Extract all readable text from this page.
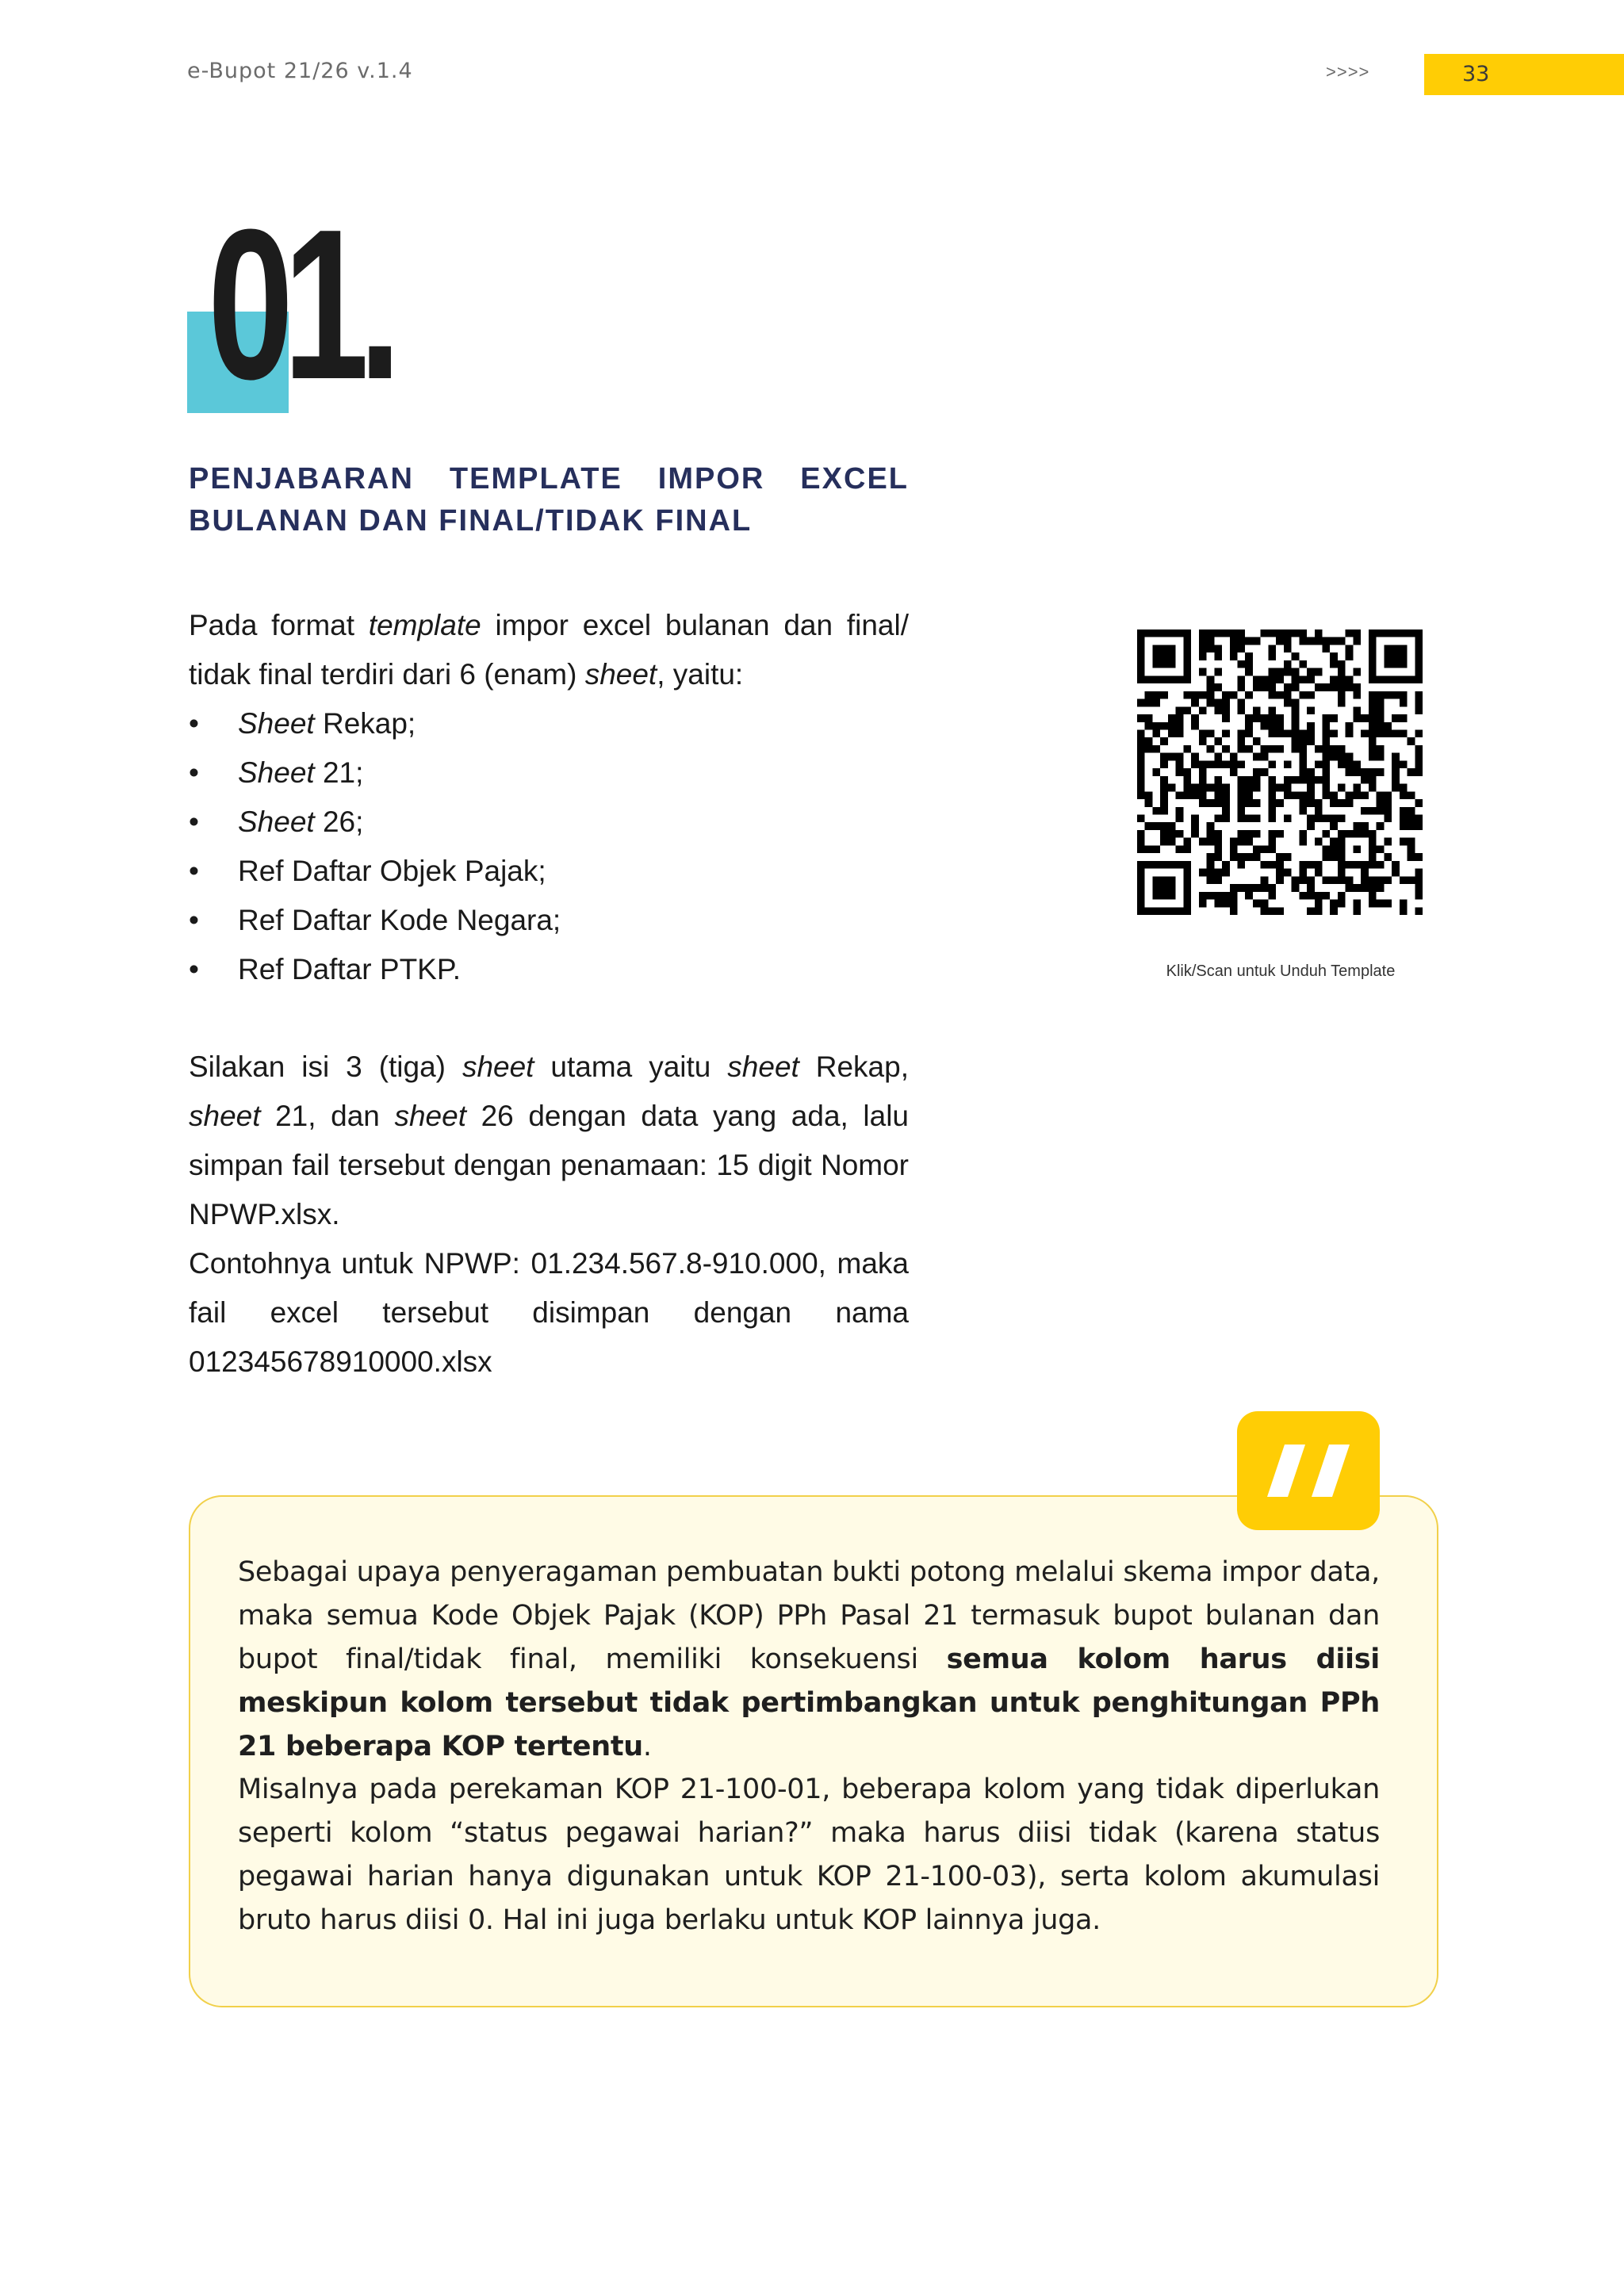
e-Bupot 21/26 v.1.4	>>>>	33
01.
PENJABARAN TEMPLATE IMPOR EXCEL BULANAN DAN FINAL/TIDAK FINAL
Pada format template impor excel bulanan dan final/ tidak final terdiri dari 6 (enam) sheet, yaitu:
• Sheet Rekap;
• Sheet 21;
• Sheet 26;
• Ref Daftar Objek Pajak;
• Ref Daftar Kode Negara;
• Ref Daftar PTKP.
Silakan isi 3 (tiga) sheet utama yaitu sheet Rekap, sheet 21, dan sheet 26 dengan data yang ada, lalu simpan fail tersebut dengan penamaan: 15 digit Nomor NPWP.xlsx.
Contohnya untuk NPWP: 01.234.567.8-910.000, maka fail excel tersebut disimpan dengan nama 012345678910000.xlsx
Klik/Scan untuk Unduh Template
Sebagai upaya penyeragaman pembuatan bukti potong melalui skema impor data, maka semua Kode Objek Pajak (KOP) PPh Pasal 21 termasuk bupot bulanan dan bupot final/tidak final, memiliki konsekuensi semua kolom harus diisi meskipun kolom tersebut tidak pertimbangkan untuk penghitungan PPh 21 beberapa KOP tertentu.
Misalnya pada perekaman KOP 21-100-01, beberapa kolom yang tidak diperlukan seperti kolom “status pegawai harian?” maka harus diisi tidak (karena status pegawai harian hanya digunakan untuk KOP 21-100-03), serta kolom akumulasi bruto harus diisi 0. Hal ini juga berlaku untuk KOP lainnya juga.
